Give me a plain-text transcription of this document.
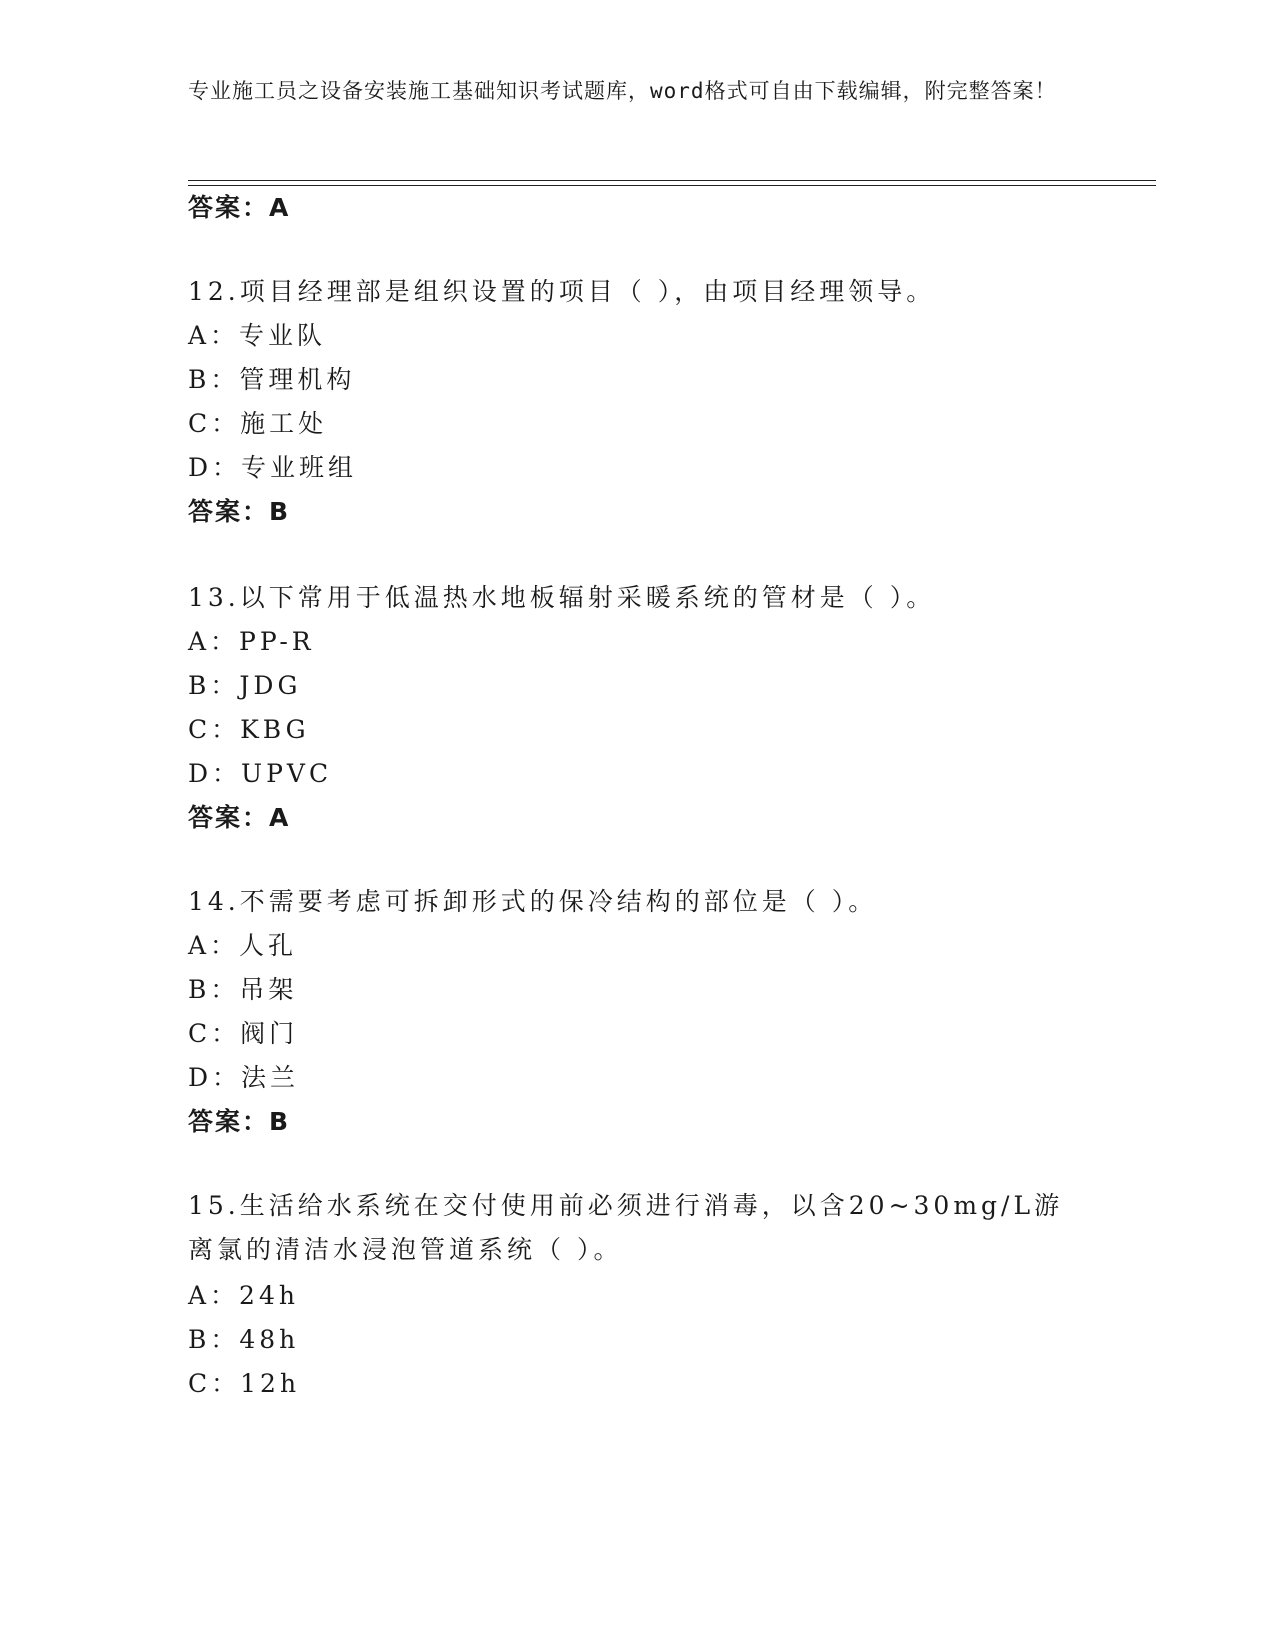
专业施工员之设备安装施工基础知识考试题库，word格式可自由下载编辑，附完整答案！
答案：A
12.项目经理部是组织设置的项目（ ），由项目经理领导。
A：专业队
B：管理机构
C：施工处
D：专业班组
答案：B
13.以下常用于低温热水地板辐射采暖系统的管材是（ ）。
A：PP-R
B：JDG
C：KBG
D：UPVC
答案：A
14.不需要考虑可拆卸形式的保冷结构的部位是（ ）。
A：人孔
B：吊架
C：阀门
D：法兰
答案：B
15.生活给水系统在交付使用前必须进行消毒，以含20~30mg/L游离氯的清洁水浸泡管道系统（ ）。
A：24h
B：48h
C：12h
